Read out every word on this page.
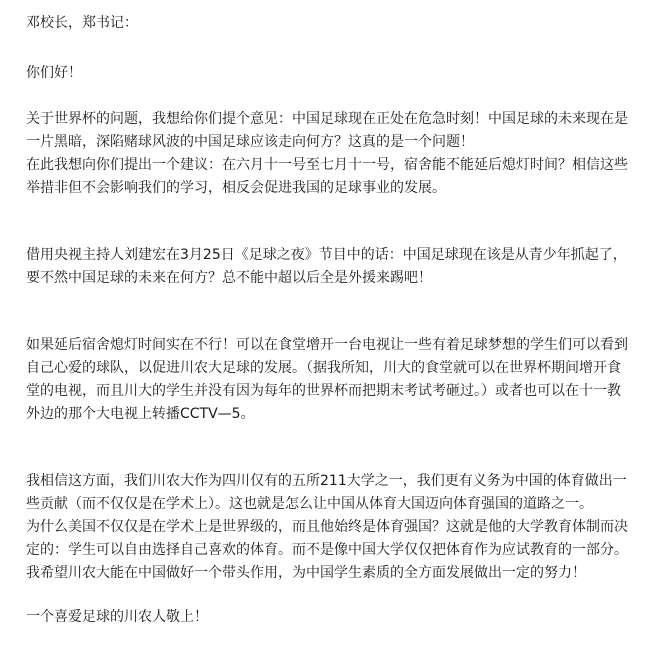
邓校长，郑书记：
你们好！
关于世界杯的问题，我想给你们提个意见：中国足球现在正处在危急时刻！中国足球的未来现在是
一片黑暗，深陷赌球风波的中国足球应该走向何方？这真的是一个问题！
在此我想向你们提出一个建议：在六月十一号至七月十一号，宿舍能不能延后熄灯时间？相信这些
举措非但不会影响我们的学习，相反会促进我国的足球事业的发展。
借用央视主持人刘建宏在3月25日《足球之夜》节目中的话：中国足球现在该是从青少年抓起了，
要不然中国足球的未来在何方？总不能中超以后全是外援来踢吧！
如果延后宿舍熄灯时间实在不行！可以在食堂增开一台电视让一些有着足球梦想的学生们可以看到
自己心爱的球队，以促进川农大足球的发展。（据我所知，川大的食堂就可以在世界杯期间增开食
堂的电视，而且川大的学生并没有因为每年的世界杯而把期末考试考砸过。）或者也可以在十一教
外边的那个大电视上转播CCTV—5。
我相信这方面，我们川农大作为四川仅有的五所211大学之一，我们更有义务为中国的体育做出一
些贡献（而不仅仅是在学术上）。这也就是怎么让中国从体育大国迈向体育强国的道路之一。
为什么美国不仅仅是在学术上是世界级的，而且他始终是体育强国？这就是他的大学教育体制而决
定的：学生可以自由选择自己喜欢的体育。而不是像中国大学仅仅把体育作为应试教育的一部分。
我希望川农大能在中国做好一个带头作用，为中国学生素质的全方面发展做出一定的努力！
一个喜爱足球的川农人敬上！
